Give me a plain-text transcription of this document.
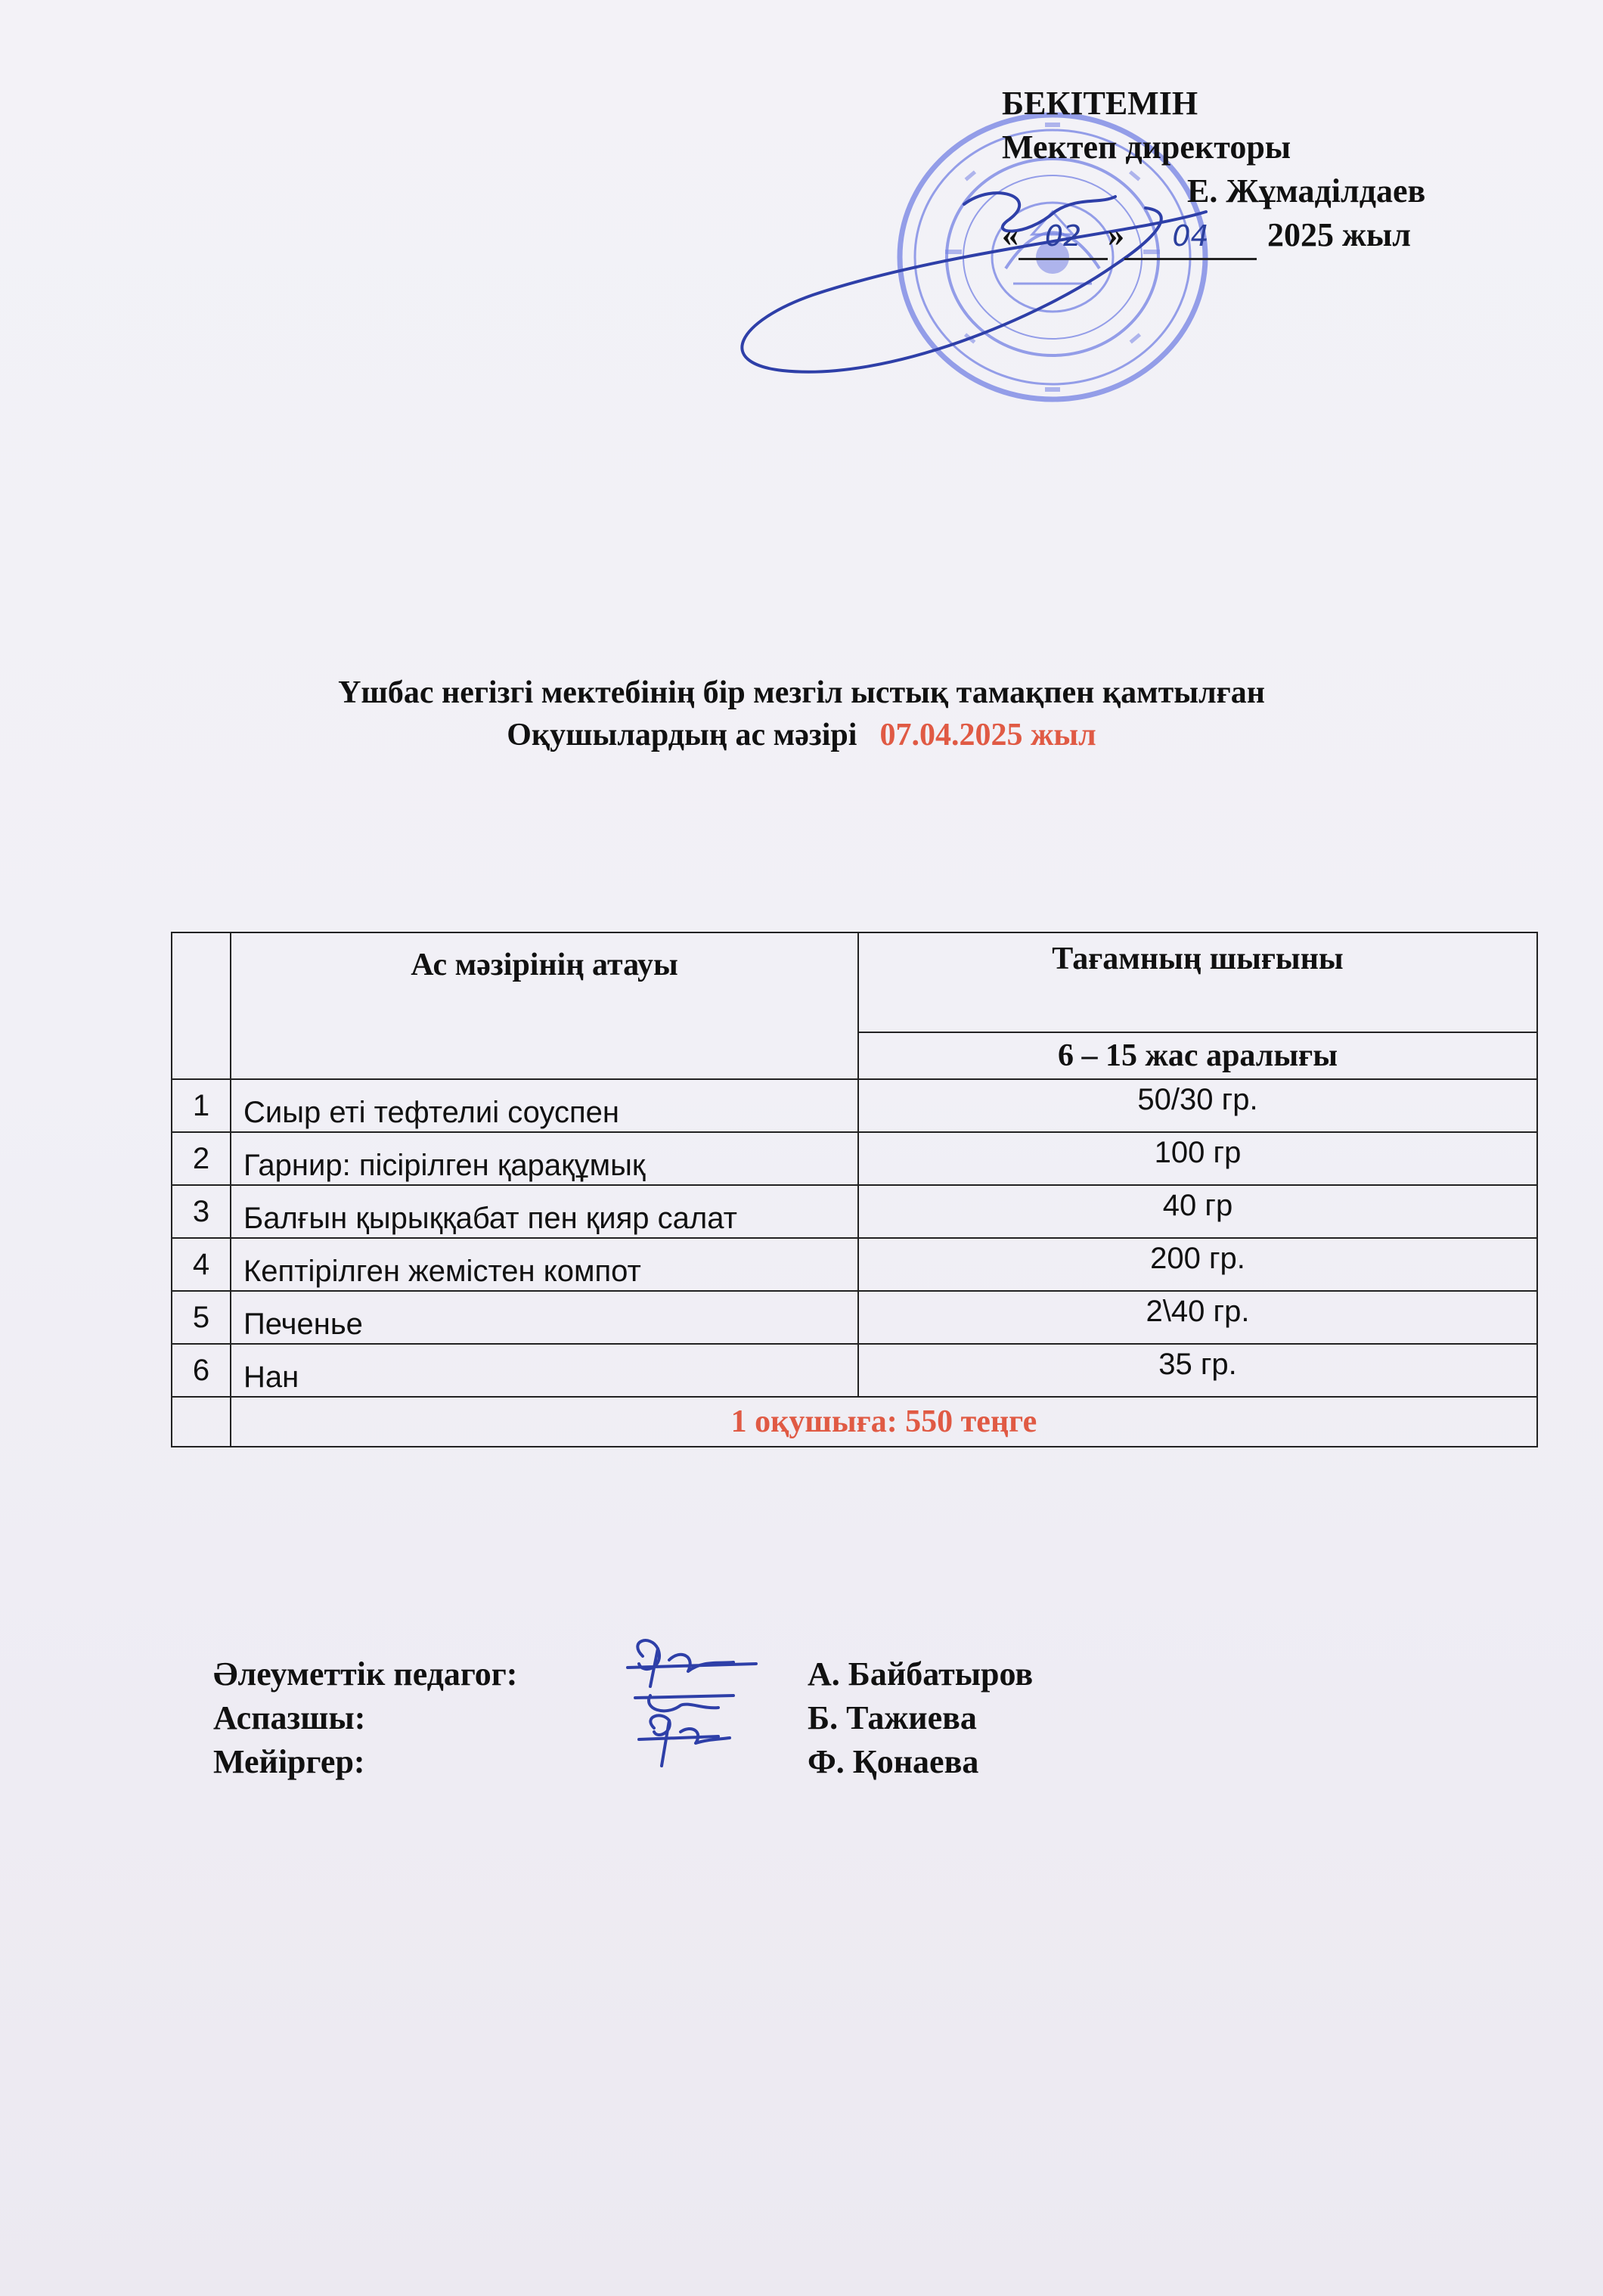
БЕКІТЕМІН
Мектеп директоры
Е. Жұмаділдаев
« 02 »	04	2025 жыл
Үшбас негізгі мектебінің бір мезгіл ыстық тамақпен қамтылған
Оқушылардың ас мәзірі 07.04.2025 жыл
	Ас мәзірінің атауы	Тағамның шығыны
		6 – 15 жас аралығы
1	Сиыр еті тефтелиі соуспен	50/30 гр.
2	Гарнир: пісірілген қарақұмық	100 гр
3	Балғын қырыққабат пен қияр салат	40 гр
4	Кептірілген жемістен компот	200 гр.
5	Печенье	2\40 гр.
6	Нан	35 гр.
	1 оқушыға: 550 теңге	
Әлеуметтік педагог:	А. Байбатыров
Аспазшы:	Б. Тажиева
Мейіргер:	Ф. Қонаева
